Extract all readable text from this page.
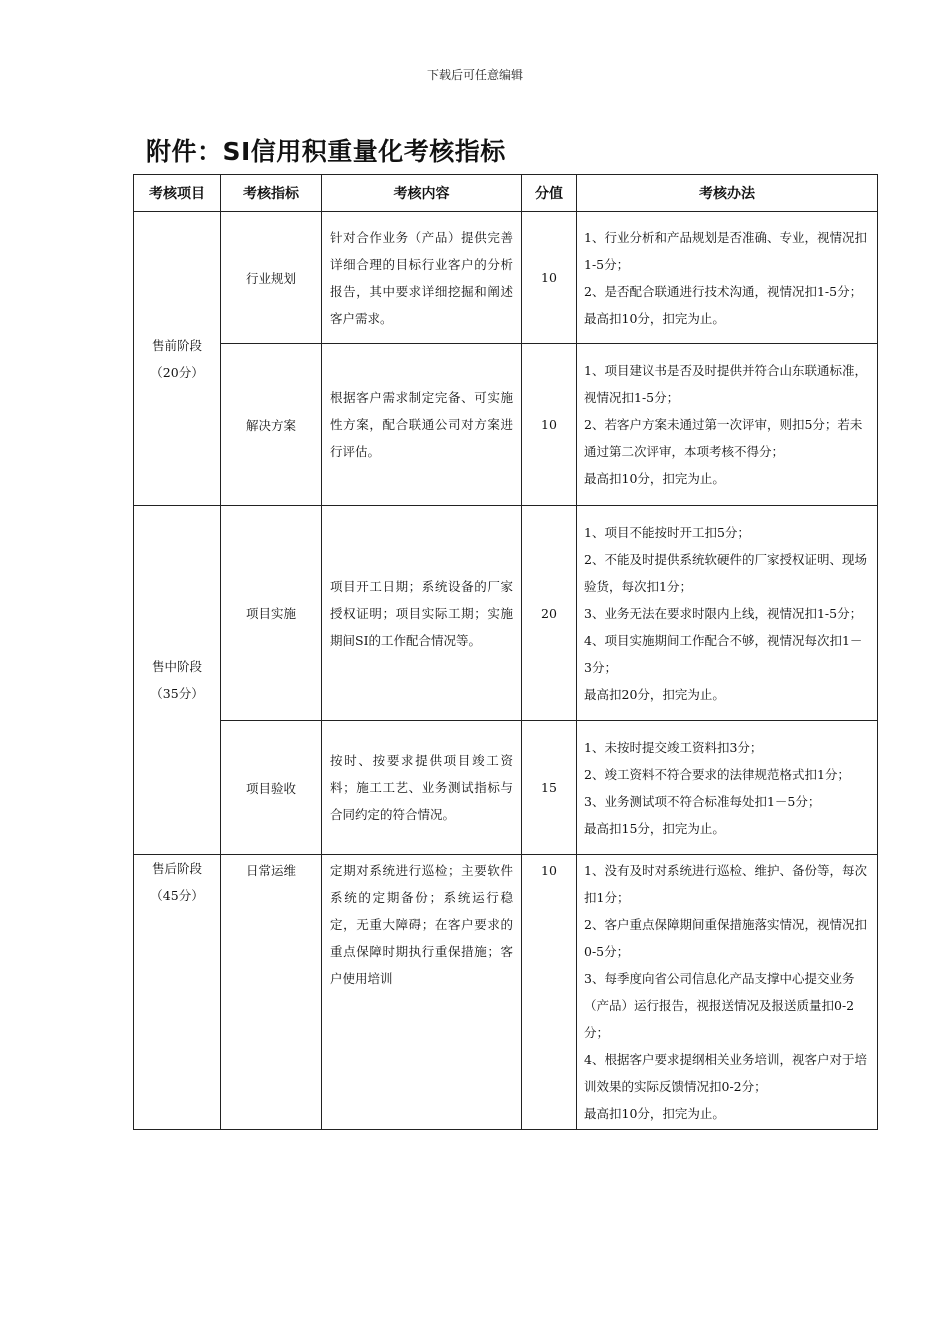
下载后可任意编辑
附件：SI信用积重量化考核指标
考核项目	考核指标	考核内容	分值	考核办法

售前阶段
（20分）	行业规划	针对合作业务（产品）提供完善详细合理的目标行业客户的分析报告，其中要求详细挖掘和阐述客户需求。	10	1、行业分析和产品规划是否准确、专业，视情况扣1-5分；
2、是否配合联通进行技术沟通，视情况扣1-5分；
最高扣10分，扣完为止。

	解决方案	根据客户需求制定完备、可实施性方案，配合联通公司对方案进行评估。	10	1、项目建议书是否及时提供并符合山东联通标准，视情况扣1-5分；
2、若客户方案未通过第一次评审，则扣5分；若未通过第二次评审，本项考核不得分；
最高扣10分，扣完为止。

售中阶段
（35分）	项目实施	项目开工日期；系统设备的厂家授权证明；项目实际工期；实施期间SI的工作配合情况等。	20	1、项目不能按时开工扣5分；
2、不能及时提供系统软硬件的厂家授权证明、现场验货，每次扣1分；
3、业务无法在要求时限内上线，视情况扣1-5分；
4、项目实施期间工作配合不够，视情况每次扣1－3分；
最高扣20分，扣完为止。

	项目验收	按时、按要求提供项目竣工资料；施工工艺、业务测试指标与合同约定的符合情况。	15	1、未按时提交竣工资料扣3分；
2、竣工资料不符合要求的法律规范格式扣1分；
3、业务测试项不符合标准每处扣1－5分；
最高扣15分，扣完为止。

售后阶段
（45分）	日常运维	定期对系统进行巡检；主要软件系统的定期备份；系统运行稳定，无重大障碍；在客户要求的重点保障时期执行重保措施；客户使用培训	10	1、没有及时对系统进行巡检、维护、备份等，每次扣1分；
2、客户重点保障期间重保措施落实情况，视情况扣0-5分；
3、每季度向省公司信息化产品支撑中心提交业务（产品）运行报告，视报送情况及报送质量扣0-2分；
4、根据客户要求提纲相关业务培训，视客户对于培训效果的实际反馈情况扣0-2分；
最高扣10分，扣完为止。
